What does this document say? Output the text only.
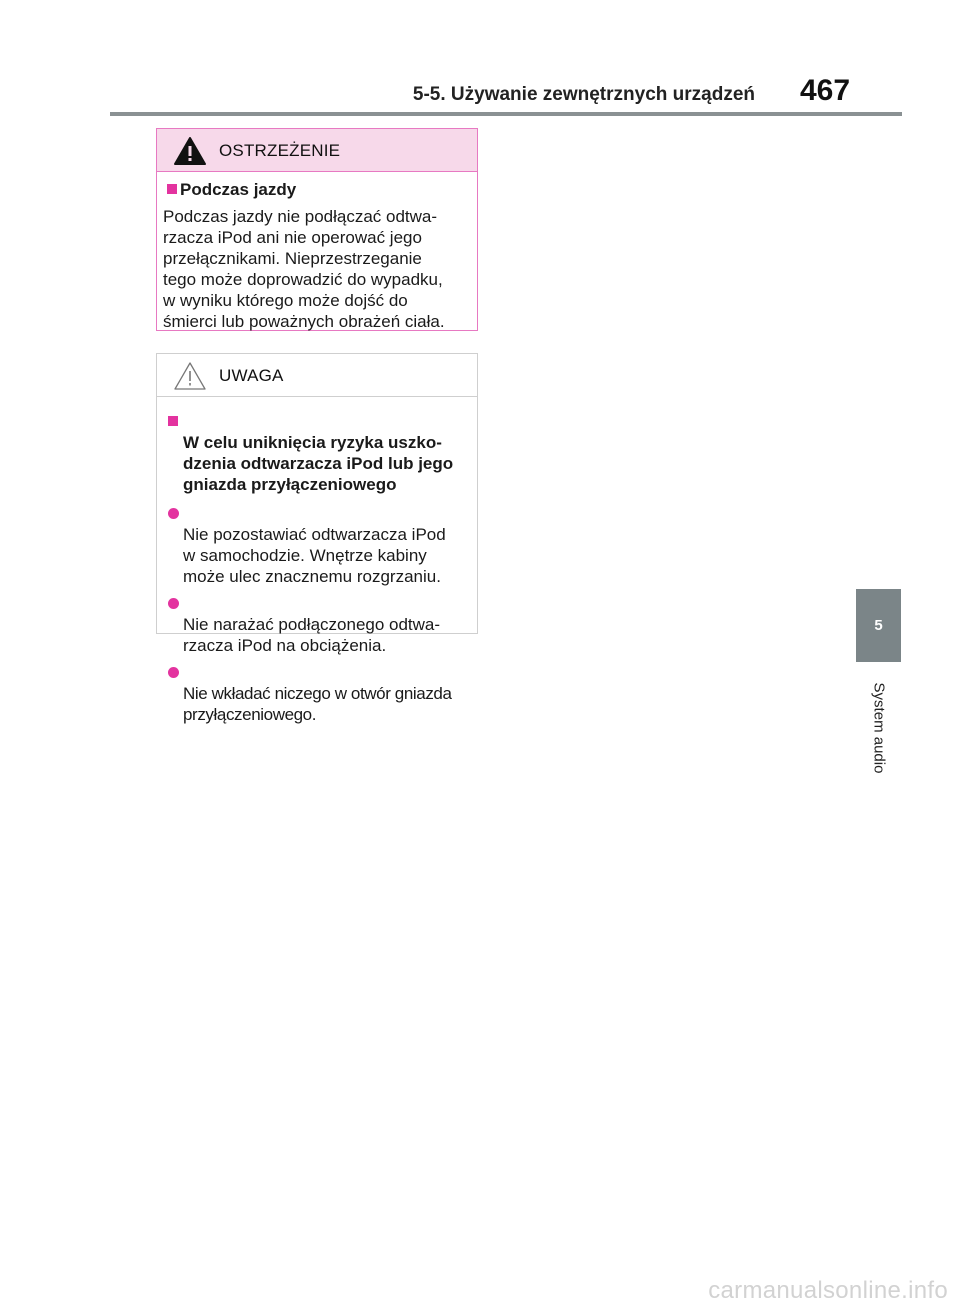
5-5. Używanie zewnętrznych urządzeń 467
OSTRZEŻENIE
Podczas jazdy
Podczas jazdy nie podłączać odtwa-
rzacza iPod ani nie operować jego
przełącznikami. Nieprzestrzeganie
tego może doprowadzić do wypadku,
w wyniku którego może dojść do
śmierci lub poważnych obrażeń ciała.
UWAGA

W celu uniknięcia ryzyka uszko-
dzenia odtwarzacza iPod lub jego
gniazda przyłączeniowego

Nie pozostawiać odtwarzacza iPod
w samochodzie. Wnętrze kabiny
może ulec znacznemu rozgrzaniu.

Nie narażać podłączonego odtwa-
rzacza iPod na obciążenia.

Nie wkładać niczego w otwór gniazda
przyłączeniowego.

5
System audio
carmanualsonline.info
